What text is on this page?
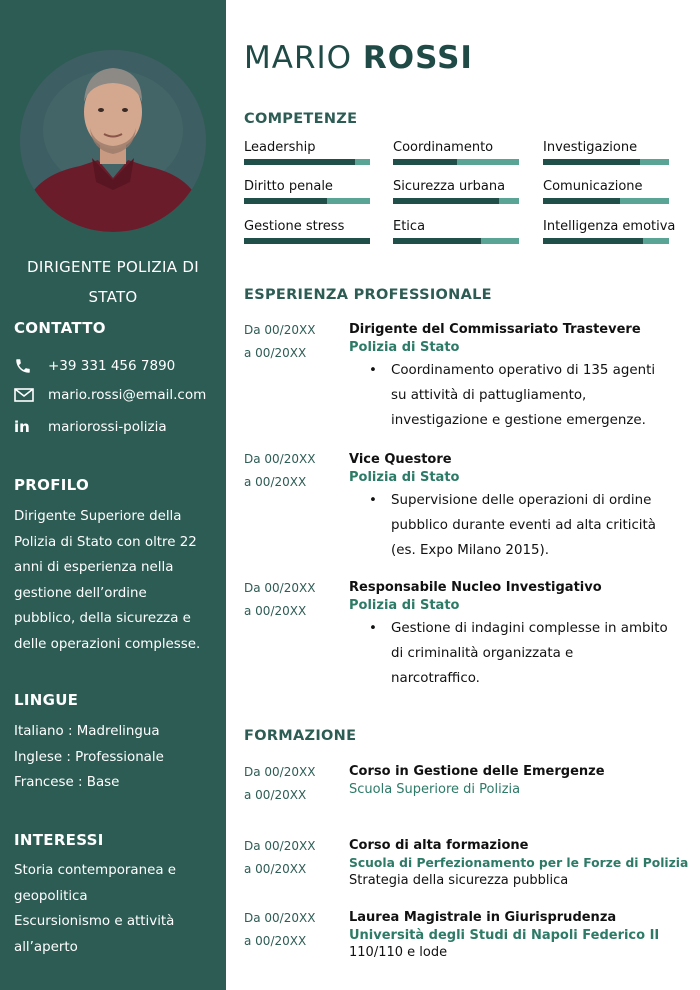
DIRIGENTE POLIZIA DI
STATO
CONTATTO
+39 331 456 7890
mario.rossi@email.com
in mariorossi-polizia
PROFILO
Dirigente Superiore della
Polizia di Stato con oltre 22
anni di esperienza nella
gestione dell’ordine
pubblico, della sicurezza e
delle operazioni complesse.
LINGUE
Italiano : Madrelingua
Inglese : Professionale
Francese : Base
INTERESSI
Storia contemporanea e
geopolitica
Escursionismo e attività
all’aperto
MARIO ROSSI
COMPETENZE
Leadership	Coordinamento	Investigazione
Diritto penale	Sicurezza urbana	Comunicazione
Gestione stress	Etica	Intelligenza emotiva
ESPERIENZA PROFESSIONALE
Da 00/20XX
a 00/20XX
Dirigente del Commissariato Trastevere
Polizia di Stato
• Coordinamento operativo di 135 agenti
su attività di pattugliamento,
investigazione e gestione emergenze.
Da 00/20XX
a 00/20XX
Vice Questore
Polizia di Stato
• Supervisione delle operazioni di ordine
pubblico durante eventi ad alta criticità
(es. Expo Milano 2015).
Da 00/20XX
a 00/20XX
Responsabile Nucleo Investigativo
Polizia di Stato
• Gestione di indagini complesse in ambito
di criminalità organizzata e
narcotraffico.
FORMAZIONE
Da 00/20XX
a 00/20XX
Corso in Gestione delle Emergenze
Scuola Superiore di Polizia
Da 00/20XX
a 00/20XX
Corso di alta formazione
Scuola di Perfezionamento per le Forze di Polizia
Strategia della sicurezza pubblica
Da 00/20XX
a 00/20XX
Laurea Magistrale in Giurisprudenza
Università degli Studi di Napoli Federico II
110/110 e lode
